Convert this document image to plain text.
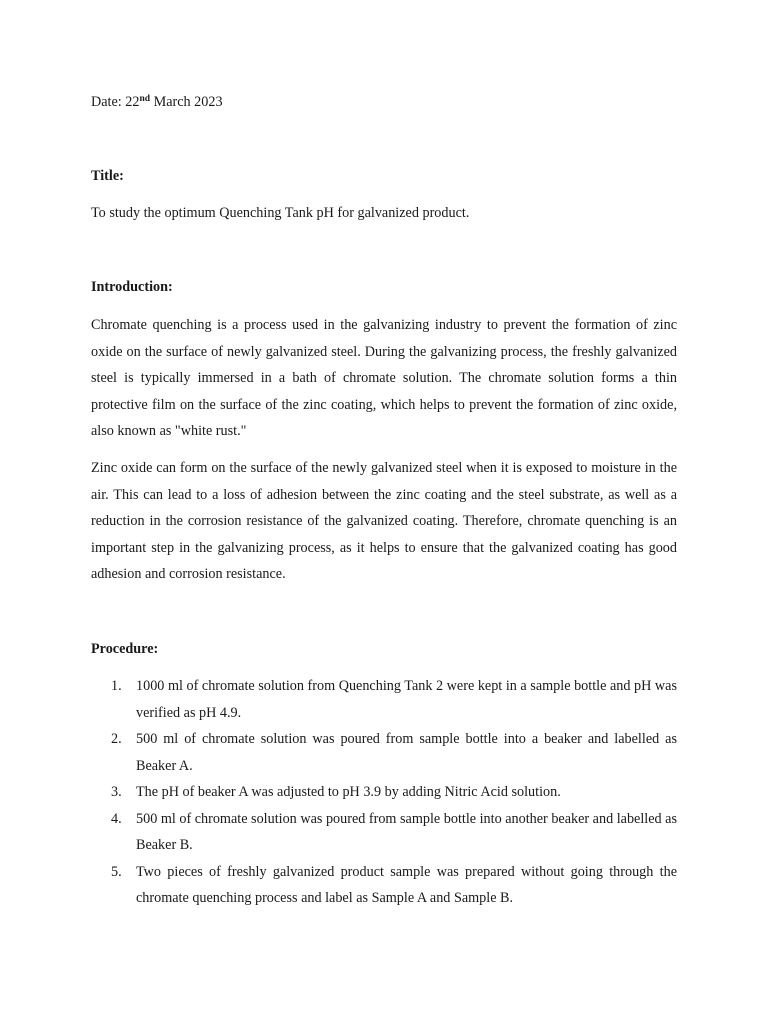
Date: 22nd March 2023
Title:
To study the optimum Quenching Tank pH for galvanized product.
Introduction:

Chromate quenching is a process used in the galvanizing industry to prevent the formation of zinc oxide on the surface of newly galvanized steel. During the galvanizing process, the freshly galvanized steel is typically immersed in a bath of chromate solution. The chromate solution forms a thin protective film on the surface of the zinc coating, which helps to prevent the formation of zinc oxide, also known as "white rust."

Zinc oxide can form on the surface of the newly galvanized steel when it is exposed to moisture in the air. This can lead to a loss of adhesion between the zinc coating and the steel substrate, as well as a reduction in the corrosion resistance of the galvanized coating. Therefore, chromate quenching is an important step in the galvanizing process, as it helps to ensure that the galvanized coating has good adhesion and corrosion resistance.

Procedure:
1. 1000 ml of chromate solution from Quenching Tank 2 were kept in a sample bottle and pH was verified as pH 4.9.
2. 500 ml of chromate solution was poured from sample bottle into a beaker and labelled as Beaker A.
3. The pH of beaker A was adjusted to pH 3.9 by adding Nitric Acid solution.
4. 500 ml of chromate solution was poured from sample bottle into another beaker and labelled as Beaker B.
5. Two pieces of freshly galvanized product sample was prepared without going through the chromate quenching process and label as Sample A and Sample B.
